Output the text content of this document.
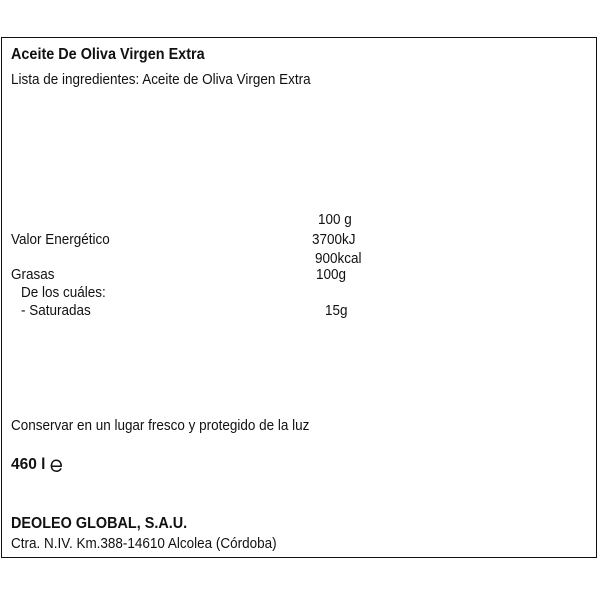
Aceite De Oliva Virgen Extra
Lista de ingredientes: Aceite de Oliva Virgen Extra
100 g
Valor Energético	3700kJ
900kcal
Grasas	100g
De los cuáles:
- Saturadas	15g
Conservar en un lugar fresco y protegido de la luz
460 l
DEOLEO GLOBAL, S.A.U.
Ctra. N.IV. Km.388-14610 Alcolea (Córdoba)
